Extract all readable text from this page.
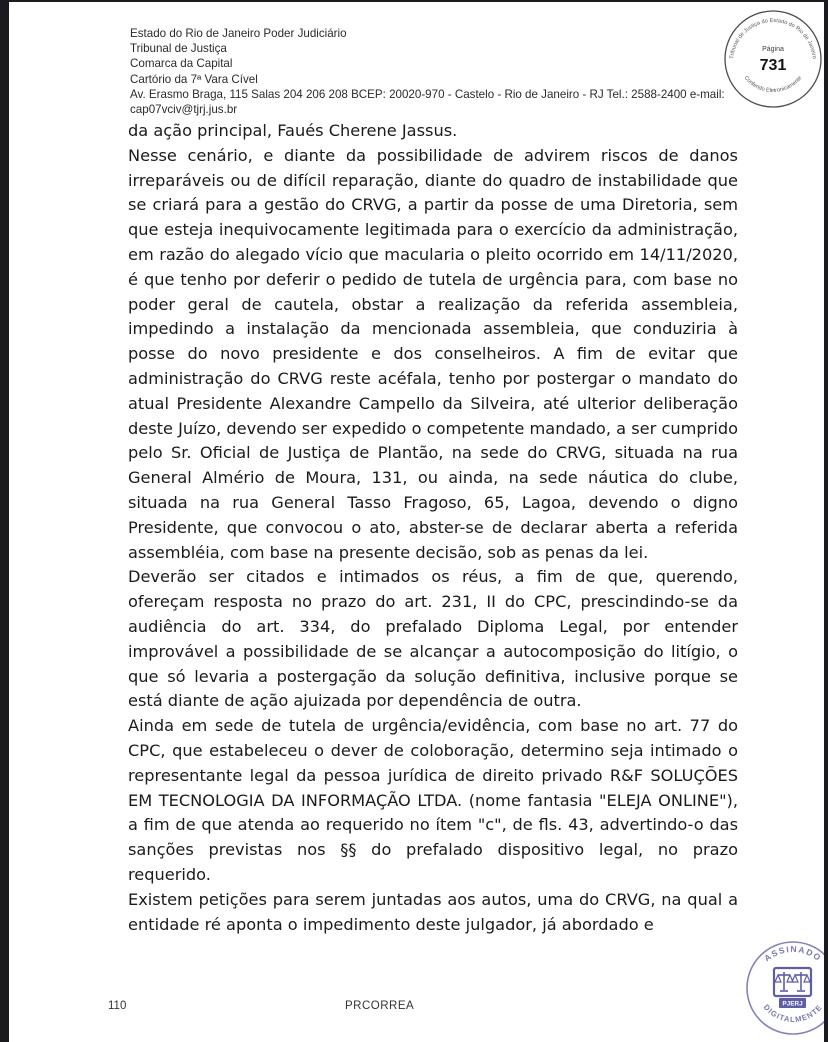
Estado do Rio de Janeiro Poder Judiciário

Tribunal de Justiça

Comarca da Capital

Cartório da 7ª Vara Cível

Av. Erasmo Braga, 115 Salas 204 206 208 BCEP: 20020-970 - Castelo - Rio de Janeiro - RJ Tel.: 2588-2400 e-mail:

cap07vciv@tjrj.jus.br

Tribunal de Justiça do Estado do Rio de Janeiro
Conferido Eletronicamente
Página
731

da ação principal, Faués Cherene Jassus.

Nesse cenário, e diante da possibilidade de advirem riscos de danos irreparáveis ou de difícil reparação, diante do quadro de instabilidade que se criará para a gestão do CRVG, a partir da posse de uma Diretoria, sem que esteja inequivocamente legitimada para o exercício da administração, em razão do alegado vício que macularia o pleito ocorrido em 14/11/2020, é que tenho por deferir o pedido de tutela de urgência para, com base no poder geral de cautela, obstar a realização da referida assembleia, impedindo a instalação da mencionada assembleia, que conduziria à posse do novo presidente e dos conselheiros. A fim de evitar que administração do CRVG reste acéfala, tenho por postergar o mandato do atual Presidente Alexandre Campello da Silveira, até ulterior deliberação deste Juízo, devendo ser expedido o competente mandado, a ser cumprido pelo Sr. Oficial de Justiça de Plantão, na sede do CRVG, situada na rua General Almério de Moura, 131, ou ainda, na sede náutica do clube, situada na rua General Tasso Fragoso, 65, Lagoa, devendo o digno Presidente, que convocou o ato, abster-se de declarar aberta a referida assembléia, com base na presente decisão, sob as penas da lei.

Deverão ser citados e intimados os réus, a fim de que, querendo, ofereçam resposta no prazo do art. 231, II do CPC, prescindindo-se da audiência do art. 334, do prefalado Diploma Legal, por entender improvável a possibilidade de se alcançar a autocomposição do litígio, o que só levaria a postergação da solução definitiva, inclusive porque se está diante de ação ajuizada por dependência de outra.

Ainda em sede de tutela de urgência/evidência, com base no art. 77 do CPC, que estabeleceu o dever de coloboração, determino seja intimado o representante legal da pessoa jurídica de direito privado R&F SOLUÇÕES EM TECNOLOGIA DA INFORMAÇÃO LTDA. (nome fantasia "ELEJA ONLINE"), a fim de que atenda ao requerido no ítem "c", de fls. 43, advertindo-o das sanções previstas nos §§ do prefalado dispositivo legal, no prazo requerido.

Existem petições para serem juntadas aos autos, uma do CRVG, na qual a entidade ré aponta o impedimento deste julgador, já abordado e

110	PRCORREA
ASSINADO
DIGITALMENTE
PJERJ
